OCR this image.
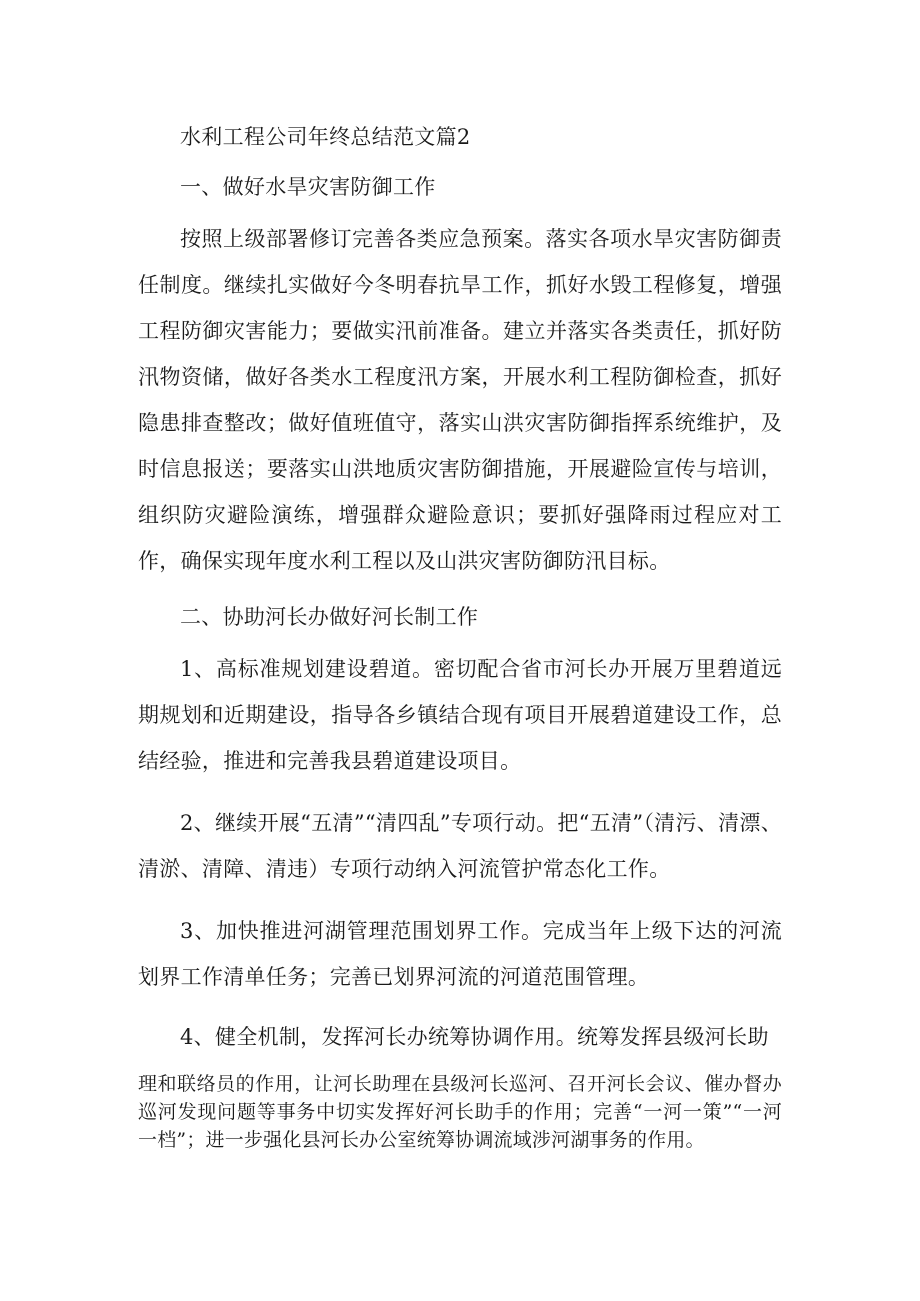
水利工程公司年终总结范文篇2

一、做好水旱灾害防御工作

按照上级部署修订完善各类应急预案。落实各项水旱灾害防御责任制度。继续扎实做好今冬明春抗旱工作，抓好水毁工程修复，增强工程防御灾害能力；要做实汛前准备。建立并落实各类责任，抓好防汛物资储，做好各类水工程度汛方案，开展水利工程防御检查，抓好隐患排查整改；做好值班值守，落实山洪灾害防御指挥系统维护，及时信息报送；要落实山洪地质灾害防御措施，开展避险宣传与培训，组织防灾避险演练，增强群众避险意识；要抓好强降雨过程应对工作，确保实现年度水利工程以及山洪灾害防御防汛目标。

二、协助河长办做好河长制工作

1、高标准规划建设碧道。密切配合省市河长办开展万里碧道远期规划和近期建设，指导各乡镇结合现有项目开展碧道建设工作，总结经验，推进和完善我县碧道建设项目。

2、继续开展“五清”“清四乱”专项行动。把“五清”（清污、清漂、清淤、清障、清违）专项行动纳入河流管护常态化工作。

3、加快推进河湖管理范围划界工作。完成当年上级下达的河流划界工作清单任务；完善已划界河流的河道范围管理。

4、健全机制，发挥河长办统筹协调作用。统筹发挥县级河长助

理和联络员的作用，让河长助理在县级河长巡河、召开河长会议、催办督办巡河发现问题等事务中切实发挥好河长助手的作用；完善“一河一策”“一河一档”；进一步强化县河长办公室统筹协调流域涉河湖事务的作用。
